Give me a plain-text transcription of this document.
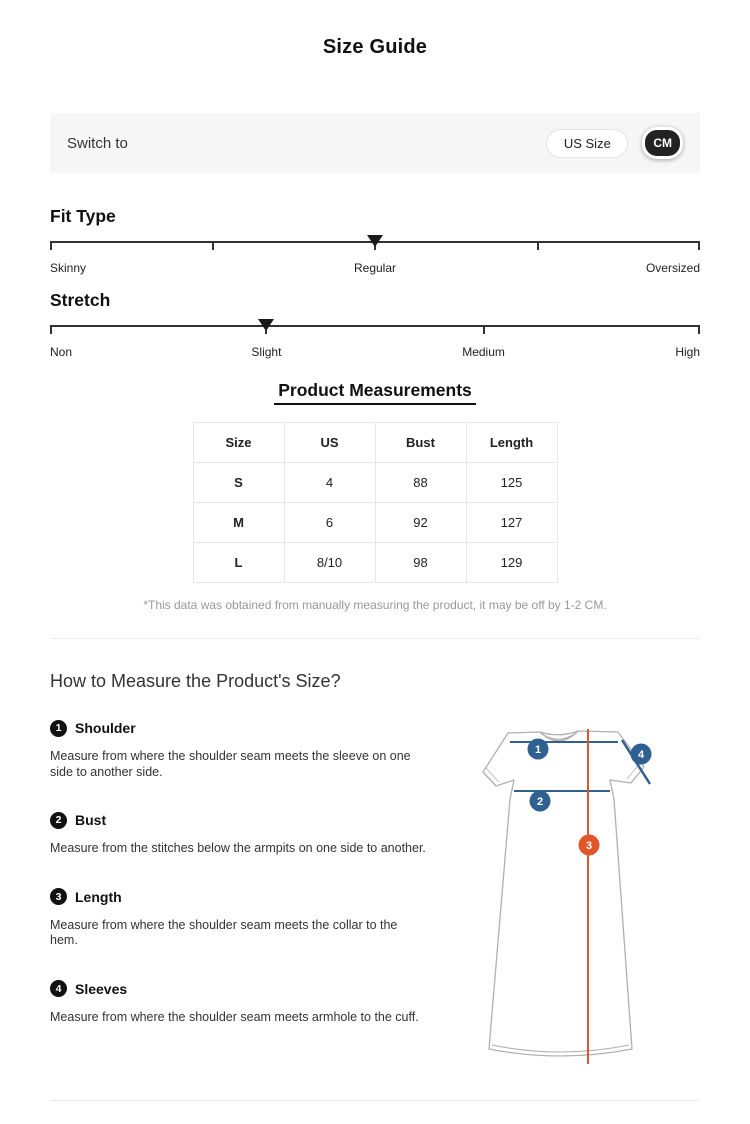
Size Guide
Switch to	US Size	CM
Fit Type
Skinny	Regular	Oversized
Stretch
Non	Slight	Medium	High
Product Measurements
Size	US	Bust	Length
S	4	88	125
M	6	92	127
L	8/10	98	129

*This data was obtained from manually measuring the product, it may be off by 1-2 CM.

How to Measure the Product's Size?
1 Shoulder

Measure from where the shoulder seam meets the sleeve on one side to another side.

2 Bust

Measure from the stitches below the armpits on one side to another.

3 Length

Measure from where the shoulder seam meets the collar to the hem.

4 Sleeves

Measure from where the shoulder seam meets armhole to the cuff.

1
2
3
4
